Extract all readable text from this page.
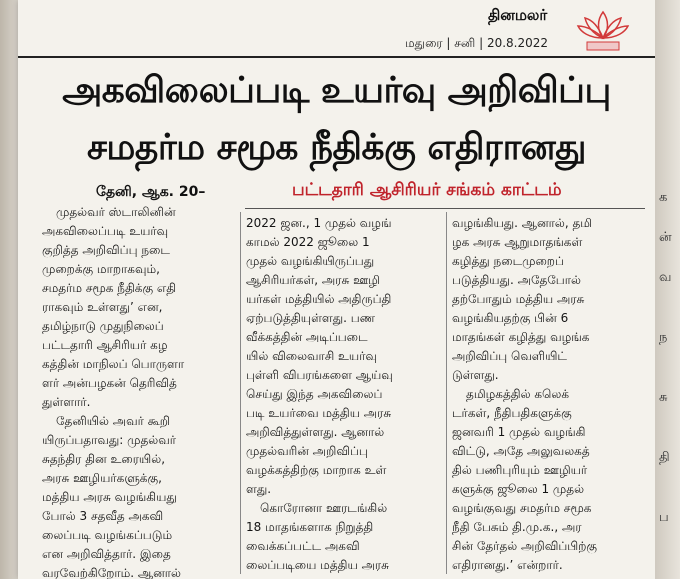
க
ன்
வ
ந
சு
தி
ப
தினமலர்
மதுரை | சனி | 20.8.2022
அகவிலைப்படி உயர்வு அறிவிப்பு
சமதர்ம சமூக நீதிக்கு எதிரானது
தேனி, ஆக. 20–	பட்டதாரி ஆசிரியர் சங்கம் காட்டம்
முதல்வர் ஸ்டாலினின்
அகவிலைப்படி உயர்வு
குறித்த அறிவிப்பு நடை
முறைக்கு மாறாகவும்,
சமதர்ம சமூக நீதிக்கு எதி
ராகவும் உள்ளது’ என,
தமிழ்நாடு முதுநிலைப்
பட்டதாரி ஆசிரியர் கழ
கத்தின் மாநிலப் பொருளா
ளர் அன்பழகன் தெரிவித்
துள்ளார்.
தேனியில் அவர் கூறி
யிருப்பதாவது: முதல்வர்
சுதந்திர தின உரையில்,
அரசு ஊழியர்களுக்கு,
மத்திய அரசு வழங்கியது
போல் 3 சதவீத அகவி
லைப்படி வழங்கப்படும்
என அறிவித்தார். இதை
வரவேற்கிறோம். ஆனால்
2022 ஜன., 1 முதல் வழங்
காமல் 2022 ஜூலை 1
முதல் வழங்கியிருப்பது
ஆசிரியர்கள், அரசு ஊழி
யர்கள் மத்தியில் அதிருப்தி
ஏற்படுத்தியுள்ளது. பண
வீக்கத்தின் அடிப்படை
யில் விலைவாசி உயர்வு
புள்ளி விபரங்களை ஆய்வு
செய்து இந்த அகவிலைப்
படி உயர்வை மத்திய அரசு
அறிவித்துள்ளது. ஆனால்
முதல்வரின் அறிவிப்பு
வழக்கத்திற்கு மாறாக உள்
ளது.
கொரோனா ஊரடங்கில்
18 மாதங்களாக நிறுத்தி
வைக்கப்பட்ட அகவி
லைப்படியை மத்திய அரசு
வழங்கியது. ஆனால், தமி
ழக அரசு ஆறுமாதங்கள்
கழித்து நடைமுறைப்
படுத்தியது. அதேபோல்
தற்போதும் மத்திய அரசு
வழங்கியதற்கு பின் 6
மாதங்கள் கழித்து வழங்க
அறிவிப்பு வெளியிட்
டுள்ளது.
தமிழகத்தில் கலெக்
டர்கள், நீதிபதிகளுக்கு
ஜனவரி 1 முதல் வழங்கி
விட்டு, அதே அலுவலகத்
தில் பணிபுரியும் ஊழியர்
களுக்கு ஜூலை 1 முதல்
வழங்குவது சமதர்ம சமூக
நீதி பேசும் தி.மு.க., அர
சின் தேர்தல் அறிவிப்பிற்கு
எதிரானது.’ என்றார்.
